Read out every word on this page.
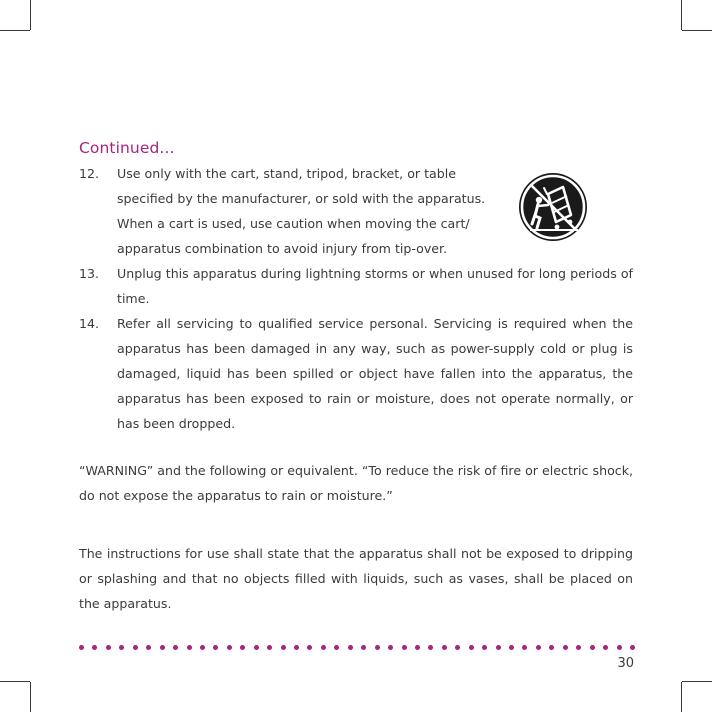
Continued...
12. Use only with the cart, stand, tripod, bracket, or table specified by the manufacturer, or sold with the apparatus. When a cart is used, use caution when moving the cart/ apparatus combination to avoid injury from tip-over.
13. Unplug this apparatus during lightning storms or when unused for long periods of time.
14. Refer all servicing to qualified service personal. Servicing is required when the apparatus has been damaged in any way, such as power-supply cold or plug is damaged, liquid has been spilled or object have fallen into the apparatus, the apparatus has been exposed to rain or moisture, does not operate normally, or has been dropped.
“WARNING” and the following or equivalent. “To reduce the risk of fire or electric shock, do not expose the apparatus to rain or moisture.”
The instructions for use shall state that the apparatus shall not be exposed to dripping or splashing and that no objects filled with liquids, such as vases, shall be placed on the apparatus.
30
